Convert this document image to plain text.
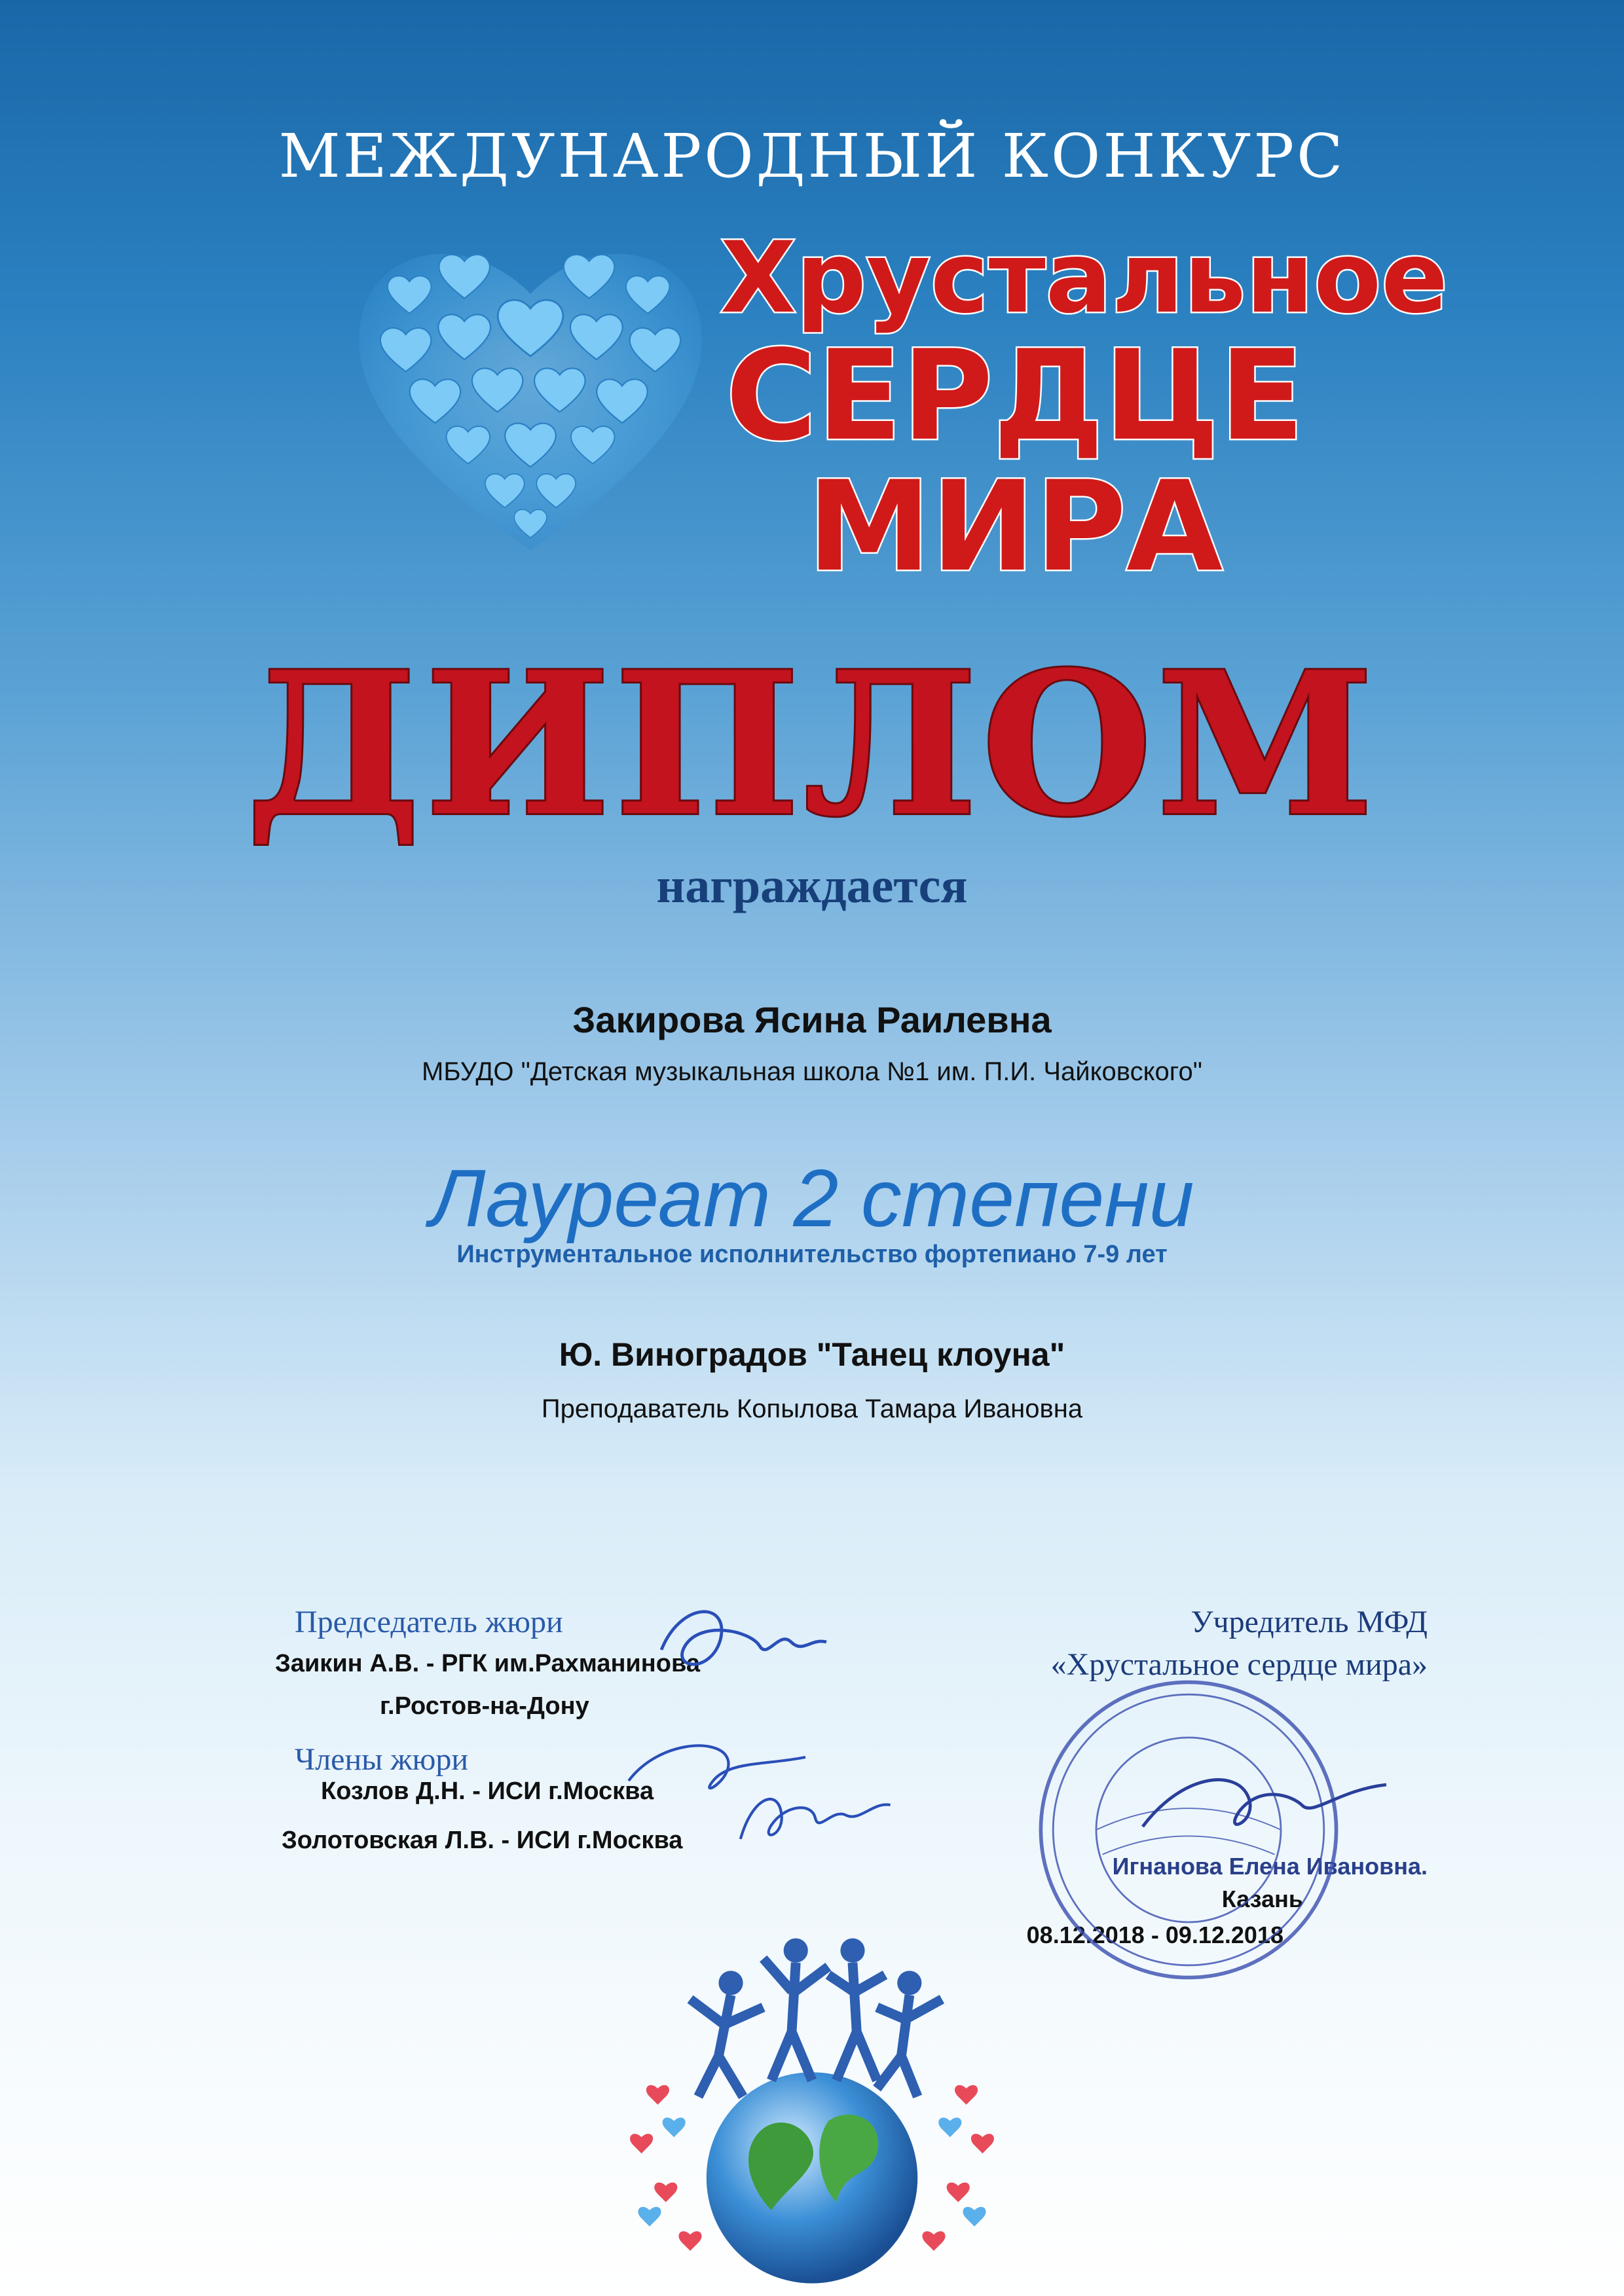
МЕЖДУНАРОДНЫЙ КОНКУРС
Хрустальное
СЕРДЦЕ
МИРА
ДИПЛОМ
награждается
Закирова Ясина Раилевна
МБУДО "Детская музыкальная школа №1 им. П.И. Чайковского"
Лауреат 2 степени
Инструментальное исполнительство фортепиано 7-9 лет
Ю. Виноградов "Танец клоуна"
Преподаватель Копылова Тамара Ивановна
Председатель жюри
Заикин А.В. - РГК им.Рахманинова
г.Ростов-на-Дону
Члены жюри
Козлов Д.Н. - ИСИ г.Москва
Золотовская Л.В. - ИСИ г.Москва
Учредитель МФД
«Хрустальное сердце мира»
Игнанова Елена Ивановна.
Казань
08.12.2018 - 09.12.2018
